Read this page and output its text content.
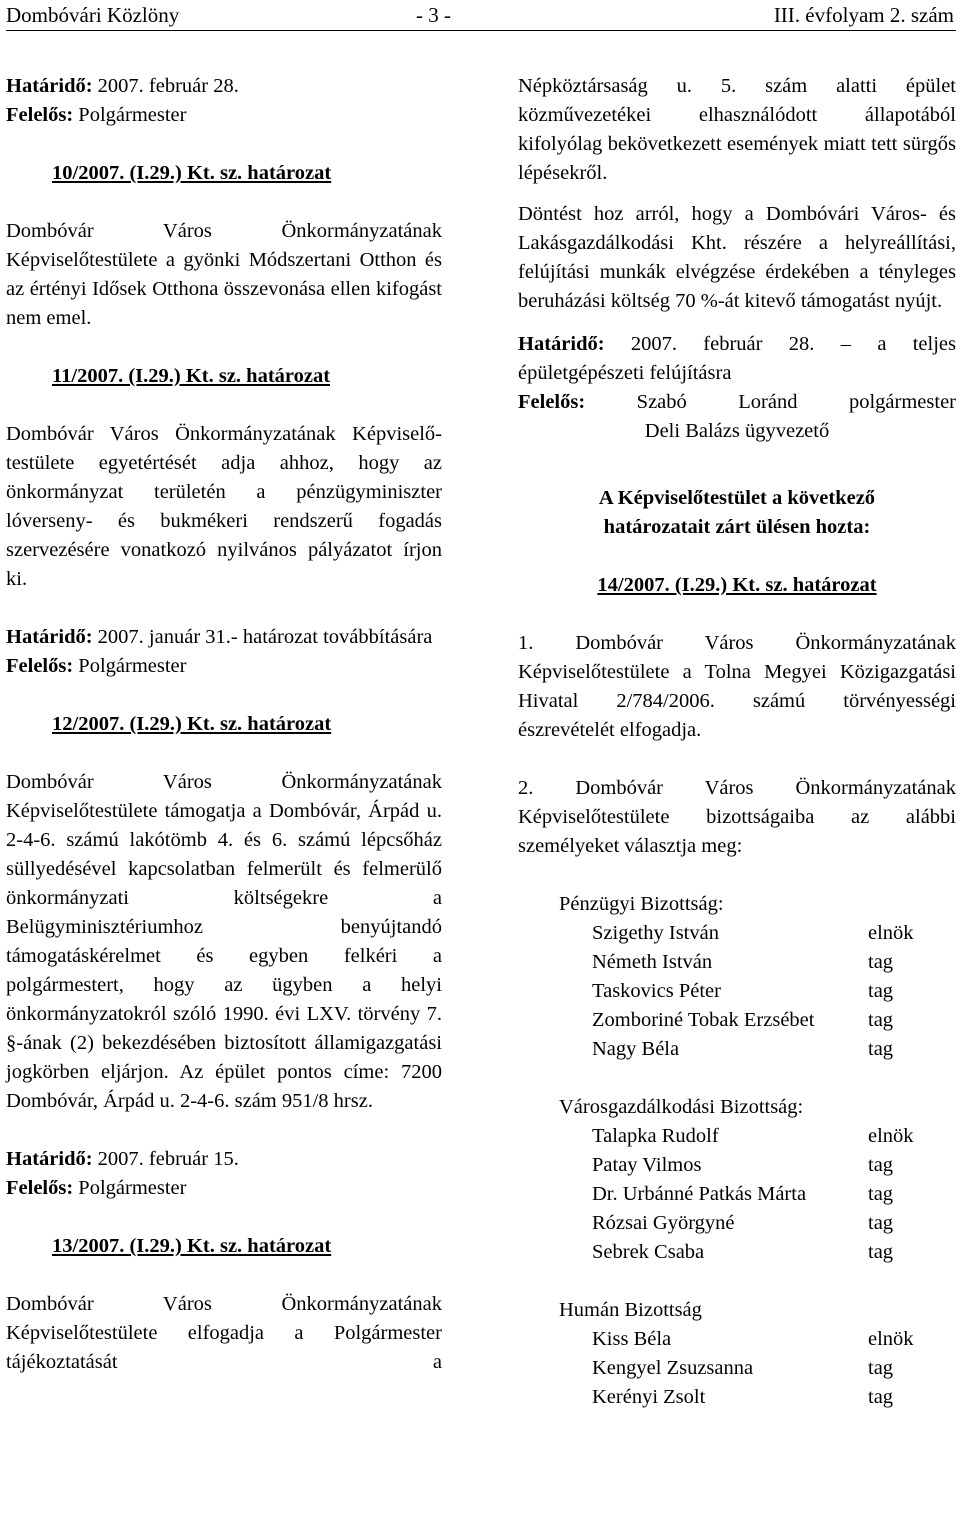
Dombóvári Közlöny	- 3 -	III. évfolyam 2. szám

Határidő: 2007. február 28.

Felelős: Polgármester

10/2007. (I.29.) Kt. sz. határozat

Dombóvár Város Önkormányzatának Képviselőtestülete a gyönki Módszertani Otthon és az értényi Idősek Otthona összevonása ellen kifogást nem emel.

11/2007. (I.29.) Kt. sz. határozat

Dombóvár Város Önkormányzatának Képviselő-testülete egyetértését adja ahhoz, hogy az önkormányzat területén a pénzügyminiszter lóverseny- és bukmékeri rendszerű fogadás szervezésére vonatkozó nyilvános pályázatot írjon ki.

Határidő: 2007. január 31.- határozat továbbítására

Felelős: Polgármester

12/2007. (I.29.) Kt. sz. határozat

Dombóvár Város Önkormányzatának Képviselőtestülete támogatja a Dombóvár, Árpád u. 2-4-6. számú lakótömb 4. és 6. számú lépcsőház süllyedésével kapcsolatban felmerült és felmerülő önkormányzati költségekre a Belügyminisztériumhoz benyújtandó támogatáskérelmet és egyben felkéri a polgármestert, hogy az ügyben a helyi önkormányzatokról szóló 1990. évi LXV. törvény 7. §-ának (2) bekezdésében biztosított államigazgatási jogkörben eljárjon. Az épület pontos címe: 7200 Dombóvár, Árpád u. 2-4-6. szám 951/8 hrsz.

Határidő: 2007. február 15.

Felelős: Polgármester

13/2007. (I.29.) Kt. sz. határozat

Dombóvár Város Önkormányzatának Képviselőtestülete elfogadja a Polgármester tájékoztatását a

Népköztársaság u. 5. szám alatti épület közművezetékei elhasználódott állapotából kifolyólag bekövetkezett események miatt tett sürgős lépésekről.

Döntést hoz arról, hogy a Dombóvári Város- és Lakásgazdálkodási Kht. részére a helyreállítási, felújítási munkák elvégzése érdekében a tényleges beruházási költség 70 %-át kitevő támogatást nyújt.

Határidő: 2007. február 28. – a teljes épületgépészeti felújításra

Felelős: Szabó Loránd polgármester

Deli Balázs ügyvezető

A Képviselőtestület a következő

határozatait zárt ülésen hozta:

14/2007. (I.29.) Kt. sz. határozat

1. Dombóvár Város Önkormányzatának Képviselőtestülete a Tolna Megyei Közigazgatási Hivatal 2/784/2006. számú törvényességi észrevételét elfogadja.

2. Dombóvár Város Önkormányzatának Képviselőtestülete bizottságaiba az alábbi személyeket választja meg:

Pénzügyi Bizottság:

Szigethy István	elnök
Németh István	tag
Taskovics Péter	tag
Zomboriné Tobak Erzsébet	tag
Nagy Béla	tag

Városgazdálkodási Bizottság:

Talapka Rudolf	elnök
Patay Vilmos	tag
Dr. Urbánné Patkás Márta	tag
Rózsai Györgyné	tag
Sebrek Csaba	tag

Humán Bizottság

Kiss Béla	elnök
Kengyel Zsuzsanna	tag
Kerényi Zsolt	tag
